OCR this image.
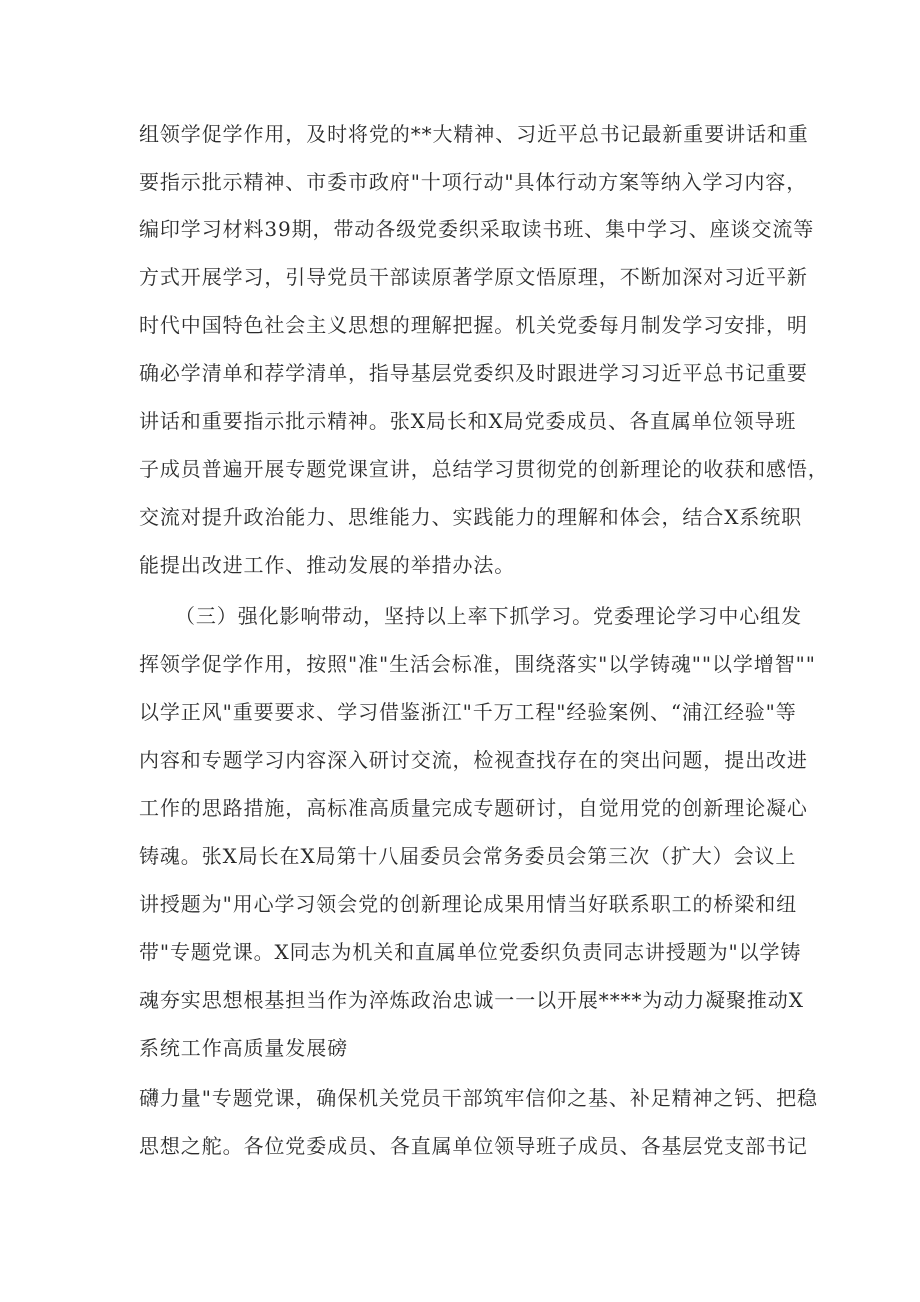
组领学促学作用，及时将党的**大精神、习近平总书记最新重要讲话和重
要指示批示精神、市委市政府"十项行动"具体行动方案等纳入学习内容，
编印学习材料39期，带动各级党委织采取读书班、集中学习、座谈交流等
方式开展学习，引导党员干部读原著学原文悟原理，不断加深对习近平新
时代中国特色社会主义思想的理解把握。机关党委每月制发学习安排，明
确必学清单和荐学清单，指导基层党委织及时跟进学习习近平总书记重要
讲话和重要指示批示精神。张X局长和X局党委成员、各直属单位领导班
子成员普遍开展专题党课宣讲，总结学习贯彻党的创新理论的收获和感悟，
交流对提升政治能力、思维能力、实践能力的理解和体会，结合X系统职
能提出改进工作、推动发展的举措办法。
（三）强化影响带动，坚持以上率下抓学习。党委理论学习中心组发
挥领学促学作用，按照"准"生活会标准，围绕落实"以学铸魂""以学增智""
以学正风"重要要求、学习借鉴浙江"千万工程"经验案例、“浦江经验"等
内容和专题学习内容深入研讨交流，检视查找存在的突出问题，提出改进
工作的思路措施，高标准高质量完成专题研讨，自觉用党的创新理论凝心
铸魂。张X局长在X局第十八届委员会常务委员会第三次（扩大）会议上
讲授题为"用心学习领会党的创新理论成果用情当好联系职工的桥梁和纽
带"专题党课。X同志为机关和直属单位党委织负责同志讲授题为"以学铸
魂夯实思想根基担当作为淬炼政治忠诚一一以开展****为动力凝聚推动X
系统工作高质量发展磅
礴力量"专题党课，确保机关党员干部筑牢信仰之基、补足精神之钙、把稳
思想之舵。各位党委成员、各直属单位领导班子成员、各基层党支部书记
